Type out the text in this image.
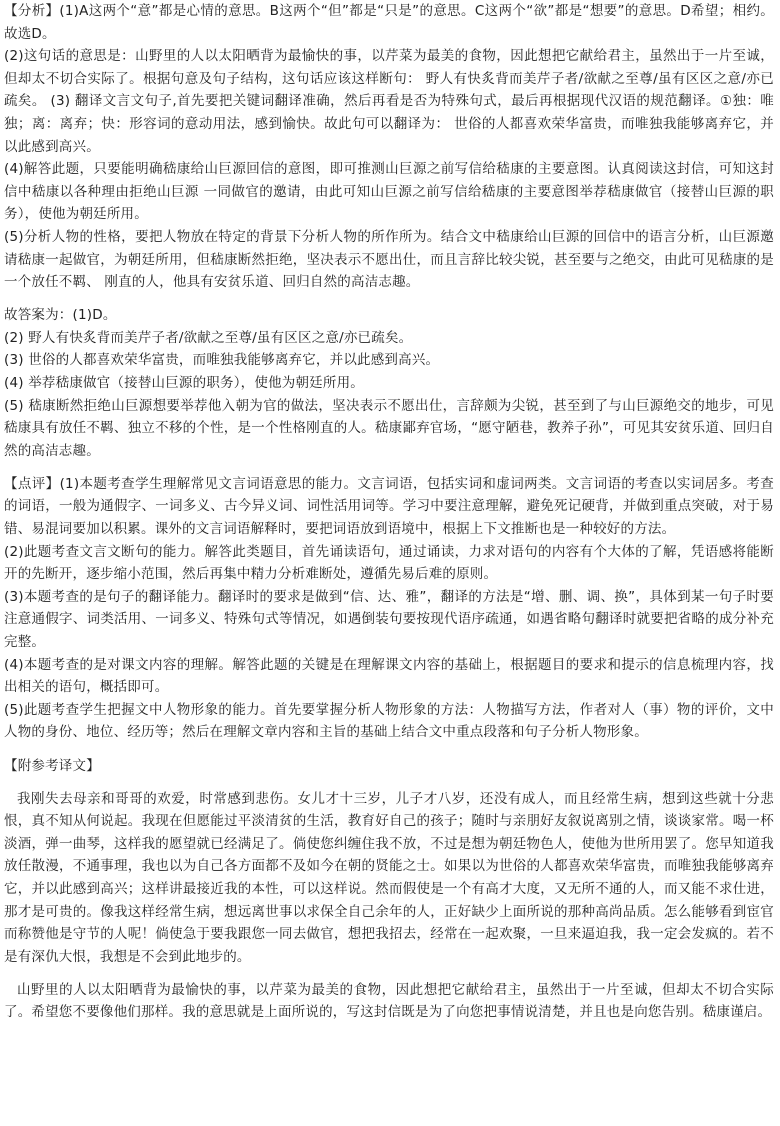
【分析】(1)A这两个“意”都是心情的意思。B这两个“但”都是“只是”的意思。C这两个“欲”都是“想要”的意思。D希望；相约。故选D。

(2)这句话的意思是：山野里的人以太阳晒背为最愉快的事，以芹菜为最美的食物，因此想把它献给君主，虽然出于一片至诚，但却太不切合实际了。根据句意及句子结构，这句话应该这样断句： 野人有快炙背而美芹子者/欲献之至尊/虽有区区之意/亦已疏矣。 (3) 翻译文言文句子,首先要把关键词翻译准确，然后再看是否为特殊句式，最后再根据现代汉语的规范翻译。①独：唯独；离：离弃；快：形容词的意动用法，感到愉快。故此句可以翻译为： 世俗的人都喜欢荣华富贵，而唯独我能够离弃它，并以此感到高兴。

(4)解答此题，只要能明确嵇康给山巨源回信的意图，即可推测山巨源之前写信给嵇康的主要意图。认真阅读这封信，可知这封信中嵇康以各种理由拒绝山巨源 一同做官的邀请，由此可知山巨源之前写信给嵇康的主要意图举荐嵇康做官（接替山巨源的职务），使他为朝廷所用。

(5)分析人物的性格，要把人物放在特定的背景下分析人物的所作所为。结合文中嵇康给山巨源的回信中的语言分析，山巨源邀请嵇康一起做官，为朝廷所用，但嵇康断然拒绝，坚决表示不愿出仕，而且言辞比较尖锐，甚至要与之绝交，由此可见嵇康的是一个放任不羁、 刚直的人，他具有安贫乐道、回归自然的高洁志趣。

故答案为：(1)D。

(2) 野人有快炙背而美芹子者/欲献之至尊/虽有区区之意/亦已疏矣。

(3) 世俗的人都喜欢荣华富贵，而唯独我能够离弃它，并以此感到高兴。

(4) 举荐嵇康做官（接替山巨源的职务），使他为朝廷所用。

(5) 嵇康断然拒绝山巨源想要举荐他入朝为官的做法，坚决表示不愿出仕，言辞颇为尖锐，甚至到了与山巨源绝交的地步，可见嵇康具有放任不羁、独立不移的个性，是一个性格刚直的人。嵇康鄙弃官场，“愿守陋巷，教养子孙”，可见其安贫乐道、回归自然的高洁志趣。

【点评】(1)本题考查学生理解常见文言词语意思的能力。文言词语，包括实词和虚词两类。文言词语的考查以实词居多。考查的词语，一般为通假字、一词多义、古今异义词、词性活用词等。学习中要注意理解，避免死记硬背，并做到重点突破，对于易错、易混词要加以积累。课外的文言词语解释时，要把词语放到语境中，根据上下文推断也是一种较好的方法。

(2)此题考查文言文断句的能力。解答此类题目，首先诵读语句，通过诵读，力求对语句的内容有个大体的了解，凭语感将能断开的先断开，逐步缩小范围，然后再集中精力分析难断处，遵循先易后难的原则。

(3)本题考查的是句子的翻译能力。翻译时的要求是做到“信、达、雅”，翻译的方法是“增、删、调、换”，具体到某一句子时要注意通假字、词类活用、一词多义、特殊句式等情况，如遇倒装句要按现代语序疏通，如遇省略句翻译时就要把省略的成分补充完整。

(4)本题考查的是对课文内容的理解。解答此题的关键是在理解课文内容的基础上，根据题目的要求和提示的信息梳理内容，找出相关的语句，概括即可。

(5)此题考查学生把握文中人物形象的能力。首先要掌握分析人物形象的方法：人物描写方法，作者对人（事）物的评价，文中人物的身份、地位、经历等；然后在理解文章内容和主旨的基础上结合文中重点段落和句子分析人物形象。

【附参考译文】

我刚失去母亲和哥哥的欢爱，时常感到悲伤。女儿才十三岁，儿子才八岁，还没有成人，而且经常生病，想到这些就十分悲恨，真不知从何说起。我现在但愿能过平淡清贫的生活，教育好自己的孩子；随时与亲朋好友叙说离别之情，谈谈家常。喝一杯淡酒，弹一曲琴，这样我的愿望就已经满足了。倘使您纠缠住我不放，不过是想为朝廷物色人，使他为世所用罢了。您早知道我放任散漫，不通事理，我也以为自己各方面都不及如今在朝的贤能之士。如果以为世俗的人都喜欢荣华富贵，而唯独我能够离弃它，并以此感到高兴；这样讲最接近我的本性，可以这样说。然而假使是一个有高才大度，又无所不通的人，而又能不求仕进，那才是可贵的。像我这样经常生病，想远离世事以求保全自己余年的人，正好缺少上面所说的那种高尚品质。怎么能够看到宦官而称赞他是守节的人呢！倘使急于要我跟您一同去做官，想把我招去，经常在一起欢聚，一旦来逼迫我，我一定会发疯的。若不是有深仇大恨，我想是不会到此地步的。

山野里的人以太阳晒背为最愉快的事，以芹菜为最美的食物，因此想把它献给君主，虽然出于一片至诚，但却太不切合实际了。希望您不要像他们那样。我的意思就是上面所说的，写这封信既是为了向您把事情说清楚，并且也是向您告别。嵇康谨启。
